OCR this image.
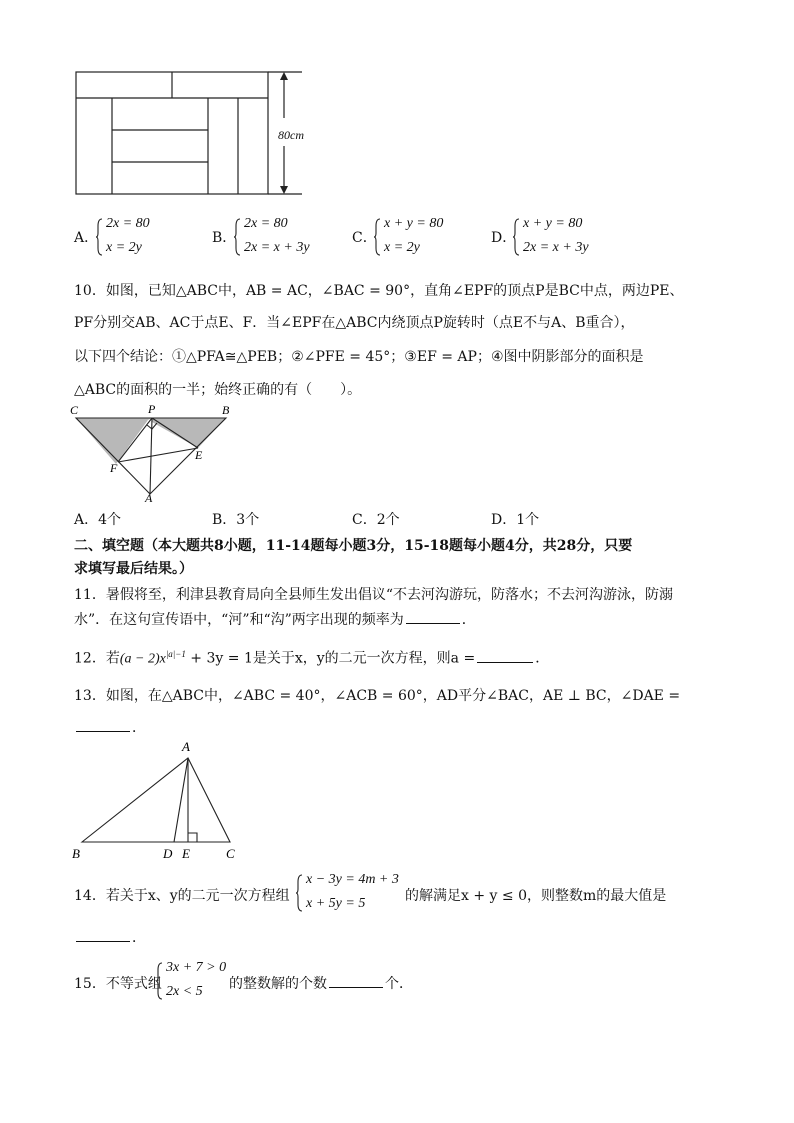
80cm
A．
2x = 80
x = 2y
B．
2x = 80
2x = x + 3y
C．
x + y = 80
x = 2y
D．
x + y = 80
2x = x + 3y
10．如图，已知△ABC中，AB = AC，∠BAC = 90°，直角∠EPF的顶点P是BC中点，两边PE、
PF分别交AB、AC于点E、F．当∠EPF在△ABC内绕顶点P旋转时（点E不与A、B重合），
以下四个结论：①△PFA≅△PEB；②∠PFE = 45°；③EF = AP；④图中阴影部分的面积是
△ABC的面积的一半；始终正确的有（　　）。
C	P	B
E
F
A
A．4个	B．3个	C．2个	D．1个
二、填空题（本大题共8小题，11-14题每小题3分，15-18题每小题4分，共28分，只要
求填写最后结果。）
11．暑假将至，利津县教育局向全县师生发出倡议“不去河沟游玩，防落水；不去河沟游泳，防溺
水”．在这句宣传语中，“河”和“沟”两字出现的频率为	．
12．若$(a - 2)x^{|a|-1} + 3y = 1$是关于x，y的二元一次方程，则a =	．
13．如图，在△ABC中，∠ABC = 40°，∠ACB = 60°，AD平分∠BAC，AE ⊥ BC，∠DAE =
．
A
B	D E	C
14．若关于x、y的二元一次方程组
x − 3y = 4m + 3
x + 5y = 5	的解满足x + y ≤ 0，则整数m的最大值是
．
15．不等式组
3x + 7 > 0
2x < 5 的整数解的个数	个．
